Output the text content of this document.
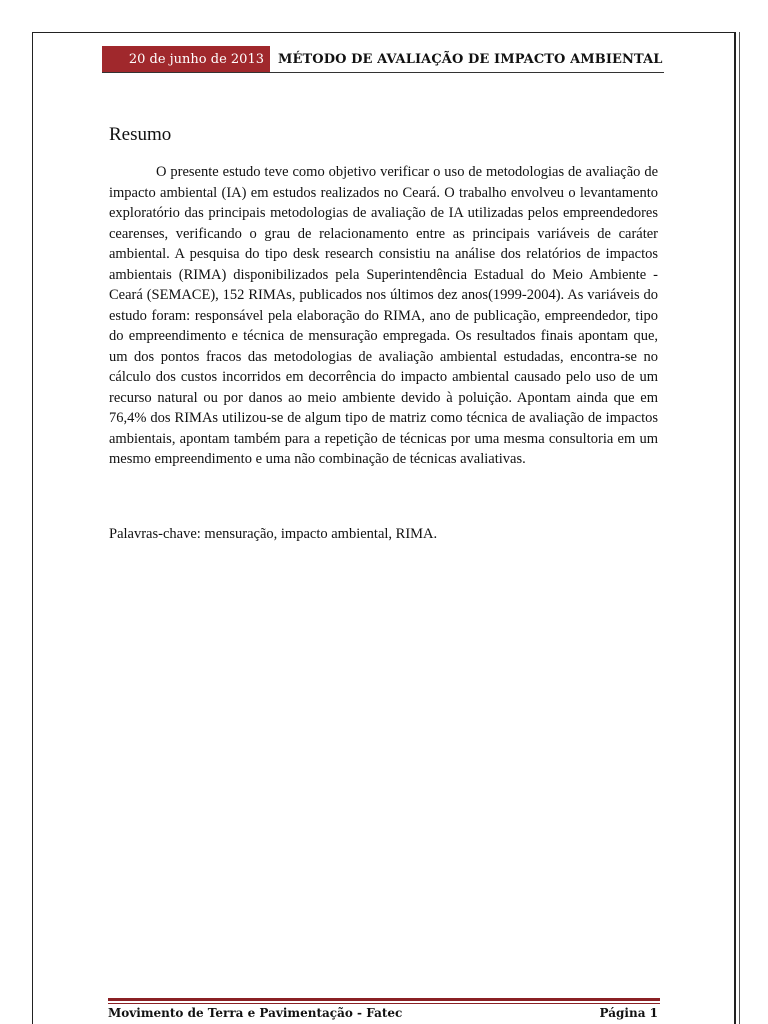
20 de junho de 2013	MÉTODO DE AVALIAÇÃO DE IMPACTO AMBIENTAL
Resumo

O presente estudo teve como objetivo verificar o uso de metodologias de avaliação de impacto ambiental (IA) em estudos realizados no Ceará. O trabalho envolveu o levantamento exploratório das principais metodologias de avaliação de IA utilizadas pelos empreendedores cearenses, verificando o grau de relacionamento entre as principais variáveis de caráter ambiental. A pesquisa do tipo desk research consistiu na análise dos relatórios de impactos ambientais (RIMA) disponibilizados pela Superintendência Estadual do Meio Ambiente - Ceará (SEMACE), 152 RIMAs, publicados nos últimos dez anos(1999-2004). As variáveis do estudo foram: responsável pela elaboração do RIMA, ano de publicação, empreendedor, tipo do empreendimento e técnica de mensuração empregada. Os resultados finais apontam que, um dos pontos fracos das metodologias de avaliação ambiental estudadas, encontra-se no cálculo dos custos incorridos em decorrência do impacto ambiental causado pelo uso de um recurso natural ou por danos ao meio ambiente devido à poluição. Apontam ainda que em 76,4% dos RIMAs utilizou-se de algum tipo de matriz como técnica de avaliação de impactos ambientais, apontam também para a repetição de técnicas por uma mesma consultoria em um mesmo empreendimento e uma não combinação de técnicas avaliativas.

Palavras-chave: mensuração, impacto ambiental, RIMA.

Movimento de Terra e Pavimentação - Fatec	Página 1
